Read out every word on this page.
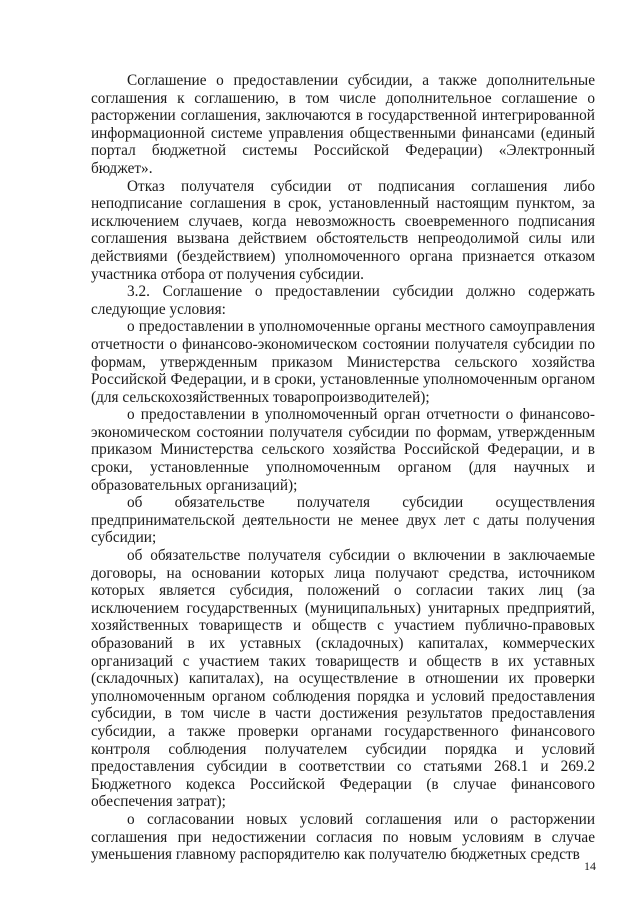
Соглашение о предоставлении субсидии, а также дополнительные соглашения к соглашению, в том числе дополнительное соглашение о расторжении соглашения, заключаются в государственной интегрированной информационной системе управления общественными финансами (единый портал бюджетной системы Российской Федерации) «Электронный бюджет».

Отказ получателя субсидии от подписания соглашения либо неподписание соглашения в срок, установленный настоящим пунктом, за исключением случаев, когда невозможность своевременного подписания соглашения вызвана действием обстоятельств непреодолимой силы или действиями (бездействием) уполномоченного органа признается отказом участника отбора от получения субсидии.

3.2. Соглашение о предоставлении субсидии должно содержать следующие условия:

о предоставлении в уполномоченные органы местного самоуправления отчетности о финансово-экономическом состоянии получателя субсидии по формам, утвержденным приказом Министерства сельского хозяйства Российской Федерации, и в сроки, установленные уполномоченным органом (для сельскохозяйственных товаропроизводителей);

о предоставлении в уполномоченный орган отчетности о финансово-экономическом состоянии получателя субсидии по формам, утвержденным приказом Министерства сельского хозяйства Российской Федерации, и в сроки, установленные уполномоченным органом (для научных и образовательных организаций);

об обязательстве получателя субсидии осуществления предпринимательской деятельности не менее двух лет с даты получения субсидии;

об обязательстве получателя субсидии о включении в заключаемые договоры, на основании которых лица получают средства, источником которых является субсидия, положений о согласии таких лиц (за исключением государственных (муниципальных) унитарных предприятий, хозяйственных товариществ и обществ с участием публично-правовых образований в их уставных (складочных) капиталах, коммерческих организаций с участием таких товариществ и обществ в их уставных (складочных) капиталах), на осуществление в отношении их проверки уполномоченным органом соблюдения порядка и условий предоставления субсидии, в том числе в части достижения результатов предоставления субсидии, а также проверки органами государственного финансового контроля соблюдения получателем субсидии порядка и условий предоставления субсидии в соответствии со статьями 268.1 и 269.2 Бюджетного кодекса Российской Федерации (в случае финансового обеспечения затрат);

о согласовании новых условий соглашения или о расторжении соглашения при недостижении согласия по новым условиям в случае уменьшения главному распорядителю как получателю бюджетных средств

14
